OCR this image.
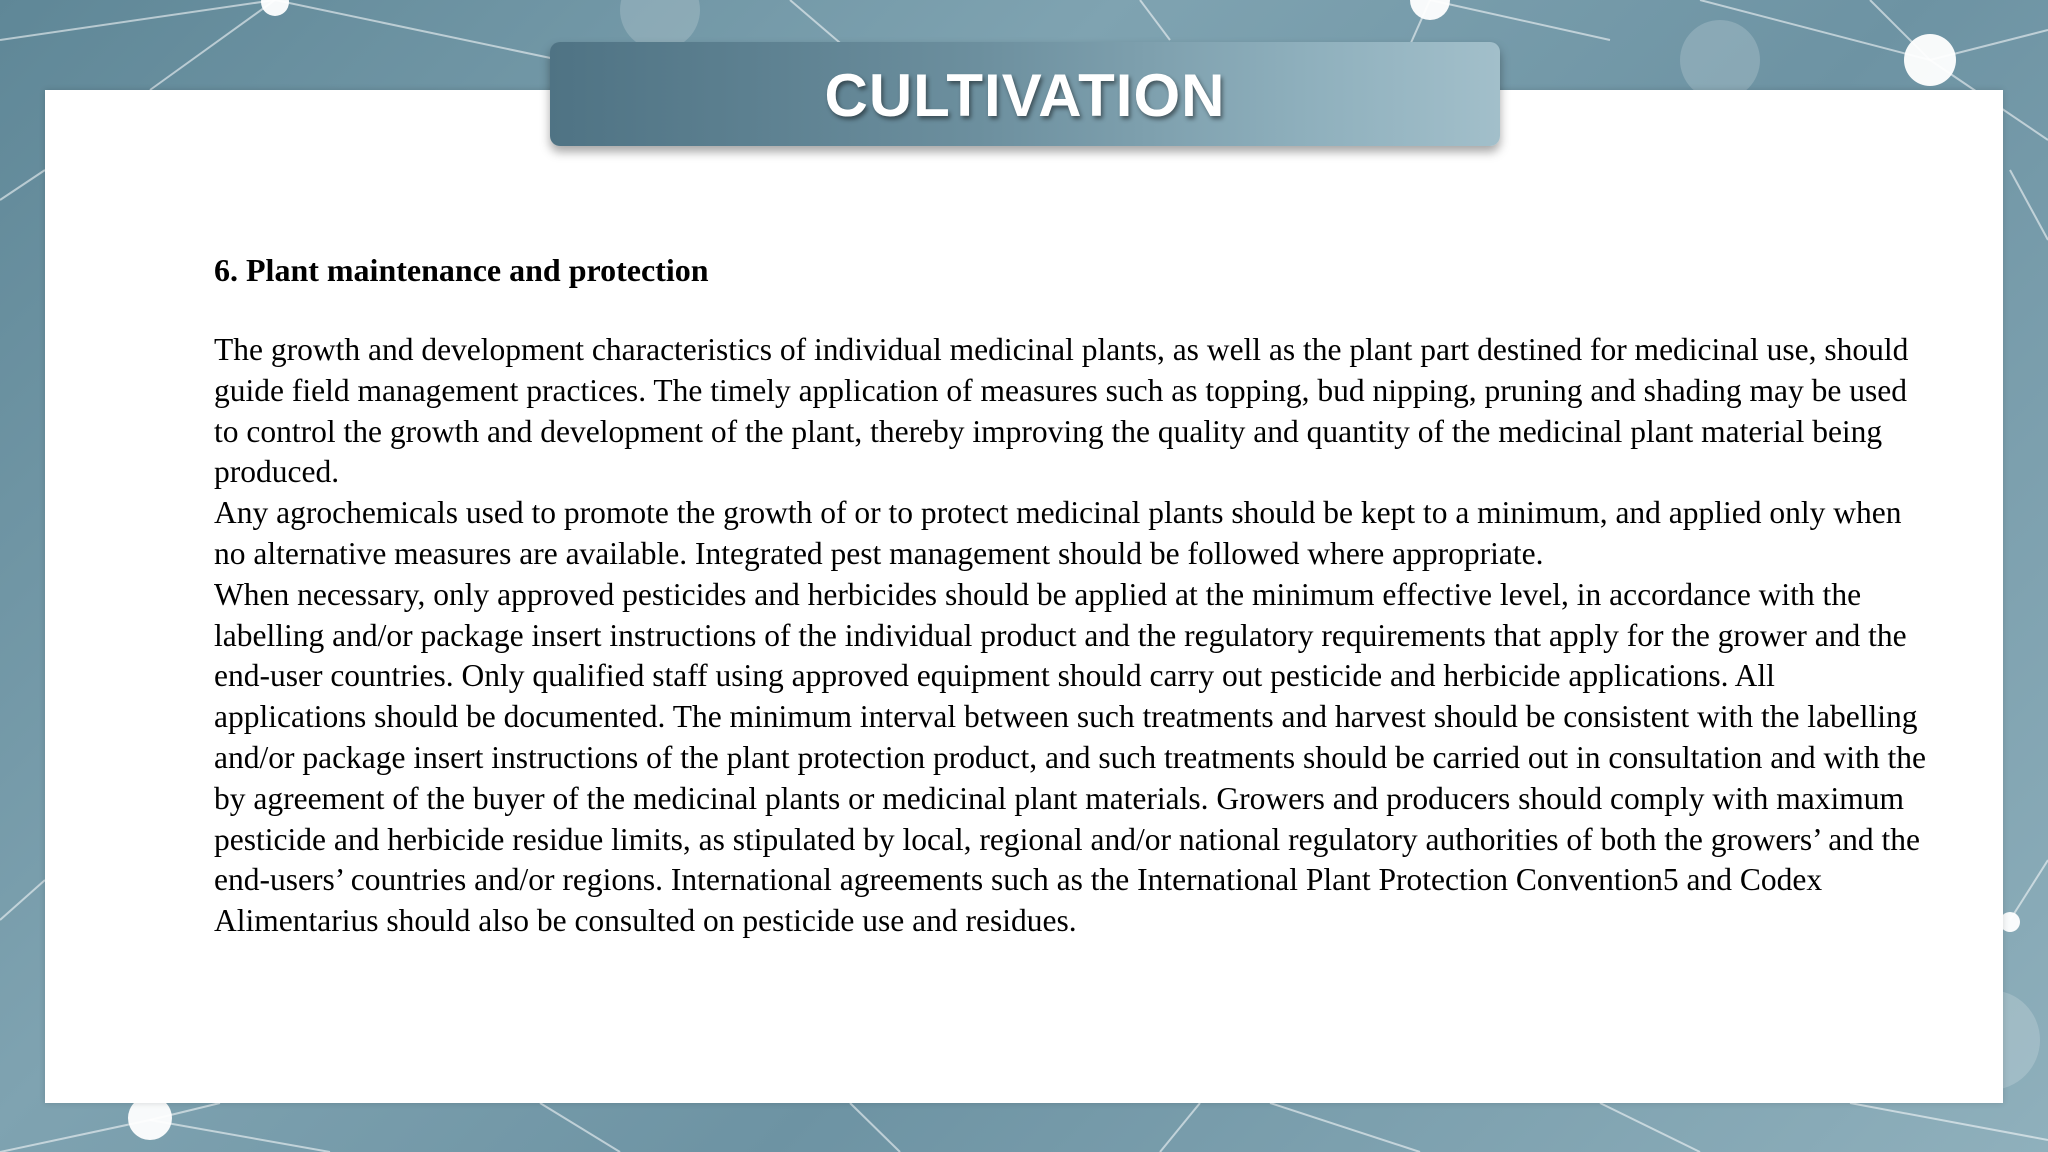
CULTIVATION

6. Plant maintenance and protection

The growth and development characteristics of individual medicinal plants, as well as the plant part destined for medicinal use, should guide field management practices. The timely application of measures such as topping, bud nipping, pruning and shading may be used to control the growth and development of the plant, thereby improving the quality and quantity of the medicinal plant material being produced.

Any agrochemicals used to promote the growth of or to protect medicinal plants should be kept to a minimum, and applied only when no alternative measures are available. Integrated pest management should be followed where appropriate.

When necessary, only approved pesticides and herbicides should be applied at the minimum effective level, in accordance with the labelling and/or package insert instructions of the individual product and the regulatory requirements that apply for the grower and the end-user countries. Only qualified staff using approved equipment should carry out pesticide and herbicide applications. All applications should be documented. The minimum interval between such treatments and harvest should be consistent with the labelling and/or package insert instructions of the plant protection product, and such treatments should be carried out in consultation and with the by agreement of the buyer of the medicinal plants or medicinal plant materials. Growers and producers should comply with maximum pesticide and herbicide residue limits, as stipulated by local, regional and/or national regulatory authorities of both the growers’ and the end-users’ countries and/or regions. International agreements such as the International Plant Protection Convention5 and Codex Alimentarius should also be consulted on pesticide use and residues.
